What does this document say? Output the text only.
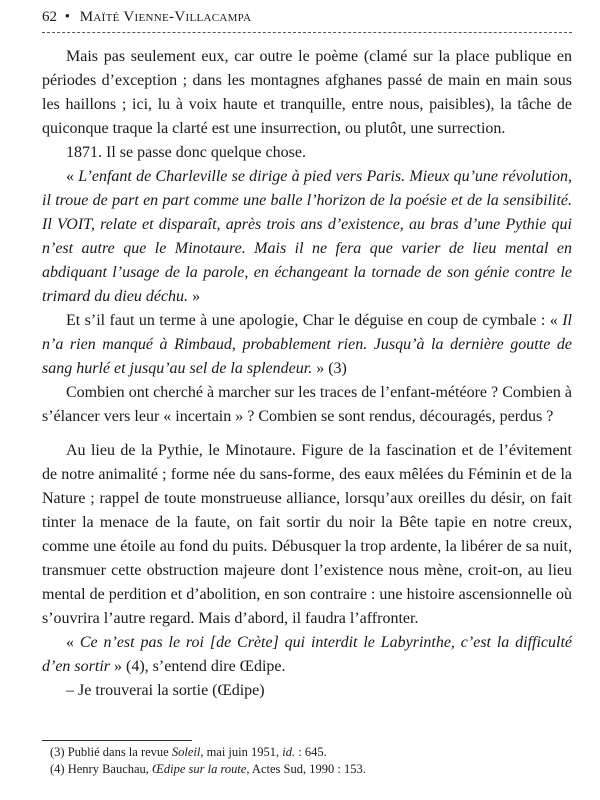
62 • Maïté Vienne-Villacampa

Mais pas seulement eux, car outre le poème (clamé sur la place publique en périodes d’exception ; dans les montagnes afghanes passé de main en main sous les haillons ; ici, lu à voix haute et tranquille, entre nous, paisibles), la tâche de quiconque traque la clarté est une insurrection, ou plutôt, une surrection.

1871. Il se passe donc quelque chose.

« L’enfant de Charleville se dirige à pied vers Paris. Mieux qu’une révolution, il troue de part en part comme une balle l’horizon de la poésie et de la sensibilité. Il VOIT, relate et disparaît, après trois ans d’existence, au bras d’une Pythie qui n’est autre que le Minotaure. Mais il ne fera que varier de lieu mental en abdiquant l’usage de la parole, en échangeant la tornade de son génie contre le trimard du dieu déchu. »

Et s’il faut un terme à une apologie, Char le déguise en coup de cymbale : « Il n’a rien manqué à Rimbaud, probablement rien. Jusqu’à la dernière goutte de sang hurlé et jusqu’au sel de la splendeur. » (3)

Combien ont cherché à marcher sur les traces de l’enfant-météore ? Combien à s’élancer vers leur « incertain » ? Combien se sont rendus, découragés, perdus ?

Au lieu de la Pythie, le Minotaure. Figure de la fascination et de l’évitement de notre animalité ; forme née du sans-forme, des eaux mêlées du Féminin et de la Nature ; rappel de toute monstrueuse alliance, lorsqu’aux oreilles du désir, on fait tinter la menace de la faute, on fait sortir du noir la Bête tapie en notre creux, comme une étoile au fond du puits. Débusquer la trop ardente, la libérer de sa nuit, transmuer cette obstruction majeure dont l’existence nous mène, croit-on, au lieu mental de perdition et d’abolition, en son contraire : une histoire ascensionnelle où s’ouvrira l’autre regard. Mais d’abord, il faudra l’affronter.

« Ce n’est pas le roi [de Crète] qui interdit le Labyrinthe, c’est la difficulté d’en sortir » (4), s’entend dire Œdipe.

– Je trouverai la sortie (Œdipe)

(3) Publié dans la revue Soleil, mai juin 1951, id. : 645.

(4) Henry Bauchau, Œdipe sur la route, Actes Sud, 1990 : 153.
